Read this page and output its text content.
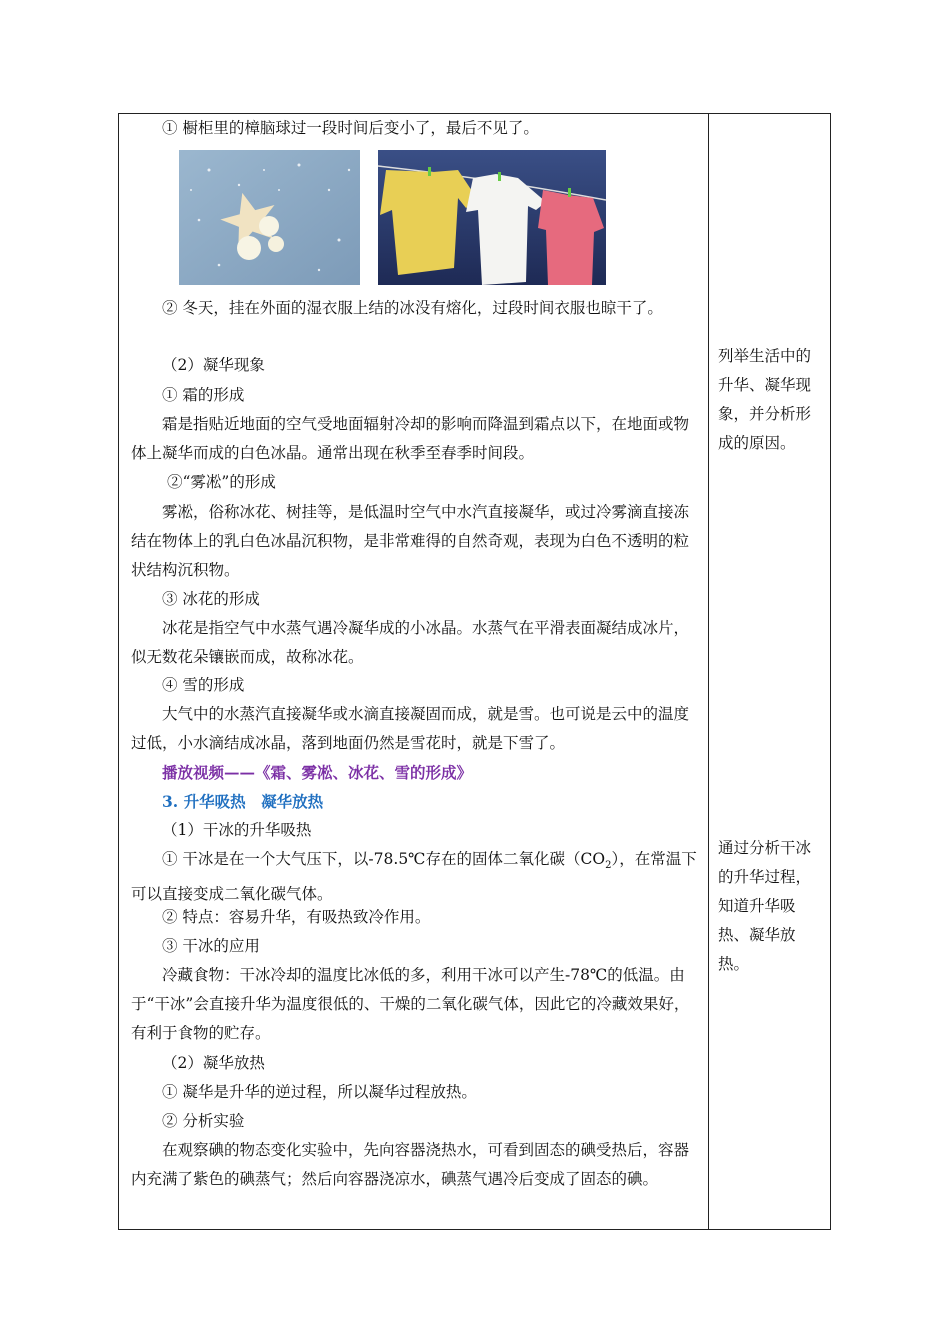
① 橱柜里的樟脑球过一段时间后变小了，最后不见了。

② 冬天，挂在外面的湿衣服上结的冰没有熔化，过段时间衣服也晾干了。

（2）凝华现象

① 霜的形成

霜是指贴近地面的空气受地面辐射冷却的影响而降温到霜点以下，在地面或物体上凝华而成的白色冰晶。通常出现在秋季至春季时间段。

②“雾凇”的形成

雾凇，俗称冰花、树挂等，是低温时空气中水汽直接凝华，或过冷雾滴直接冻结在物体上的乳白色冰晶沉积物，是非常难得的自然奇观，表现为白色不透明的粒状结构沉积物。

③ 冰花的形成

冰花是指空气中水蒸气遇冷凝华成的小冰晶。水蒸气在平滑表面凝结成冰片，似无数花朵镶嵌而成，故称冰花。

④ 雪的形成

大气中的水蒸汽直接凝华或水滴直接凝固而成，就是雪。也可说是云中的温度过低，小水滴结成冰晶，落到地面仍然是雪花时，就是下雪了。

播放视频——《霜、雾凇、冰花、雪的形成》

3. 升华吸热　凝华放热

（1）干冰的升华吸热

① 干冰是在一个大气压下，以-78.5℃存在的固体二氧化碳$(CO_2)$，在常温下可以直接变成二氧化碳气体。

② 特点：容易升华，有吸热致冷作用。

③ 干冰的应用

冷藏食物：干冰冷却的温度比冰低的多，利用干冰可以产生-78℃的低温。由于“干冰”会直接升华为温度很低的、干燥的二氧化碳气体，因此它的冷藏效果好，有利于食物的贮存。

（2）凝华放热

① 凝华是升华的逆过程，所以凝华过程放热。

② 分析实验

在观察碘的物态变化实验中，先向容器浇热水，可看到固态的碘受热后，容器内充满了紫色的碘蒸气；然后向容器浇凉水，碘蒸气遇冷后变成了固态的碘。

列举生活中的升华、凝华现象，并分析形成的原因。

通过分析干冰的升华过程，知道升华吸热、凝华放热。
